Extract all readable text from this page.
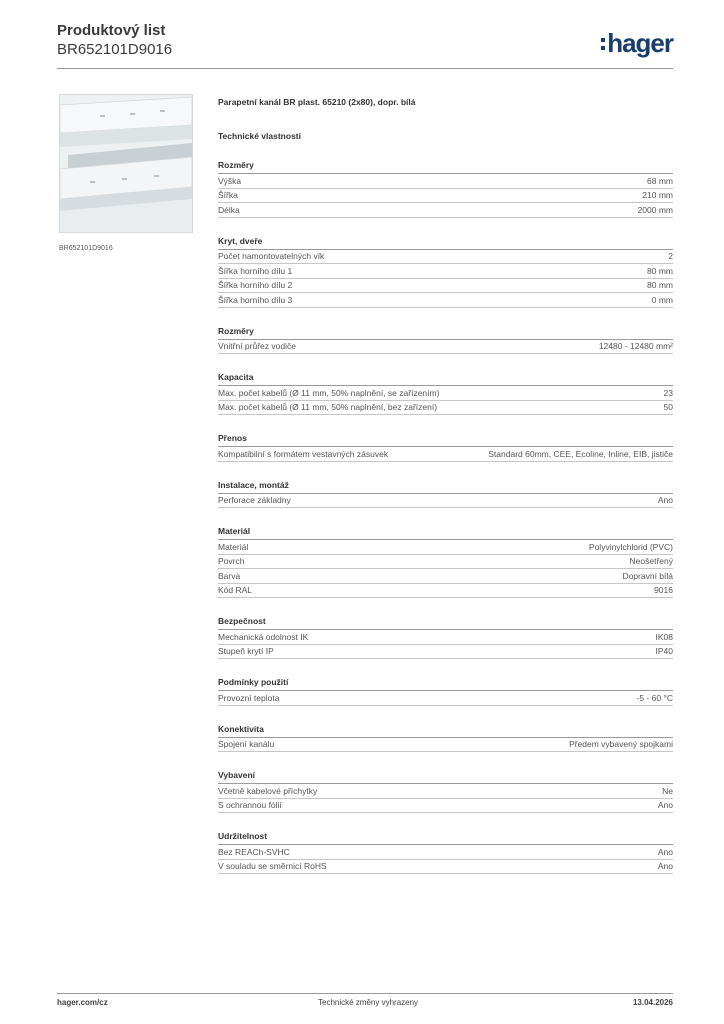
Produktový list
BR652101D9016	hager
BR652101D9016
Parapetní kanál BR plast. 65210 (2x80), dopr. bílá
Technické vlastnosti
Rozměry
Výška	68 mm
Šířka	210 mm
Délka	2000 mm
Kryt, dveře
Počet namontovatelných vík	2
Šířka horního dílu 1	80 mm
Šířka horního dílu 2	80 mm
Šířka horního dílu 3	0 mm
Rozměry
Vnitřní průřez vodiče	12480 - 12480 mm²
Kapacita
Max. počet kabelů (Ø 11 mm, 50% naplnění, se zařízením)	23
Max. počet kabelů (Ø 11 mm, 50% naplnění, bez zařízení)	50
Přenos
Kompatibilní s formátem vestavných zásuvek	Standard 60mm, CEE, Ecoline, Inline, EIB, jističe
Instalace, montáž
Perforace základny	Ano
Materiál
Materiál	Polyvinylchlorid (PVC)
Povrch	Neošetřený
Barva	Dopravní bílá
Kód RAL	9016
Bezpečnost
Mechanická odolnost IK	IK08
Stupeň krytí IP	IP40
Podmínky použití
Provozní teplota	-5 - 60 °C
Konektivita
Spojení kanálu	Předem vybavený spojkami
Vybavení
Včetně kabelové příchytky	Ne
S ochrannou fólií	Ano
Udržitelnost
Bez REACh-SVHC	Ano
V souladu se směrnicí RoHS	Ano
hager.com/cz	Technické změny vyhrazeny	13.04.2026
